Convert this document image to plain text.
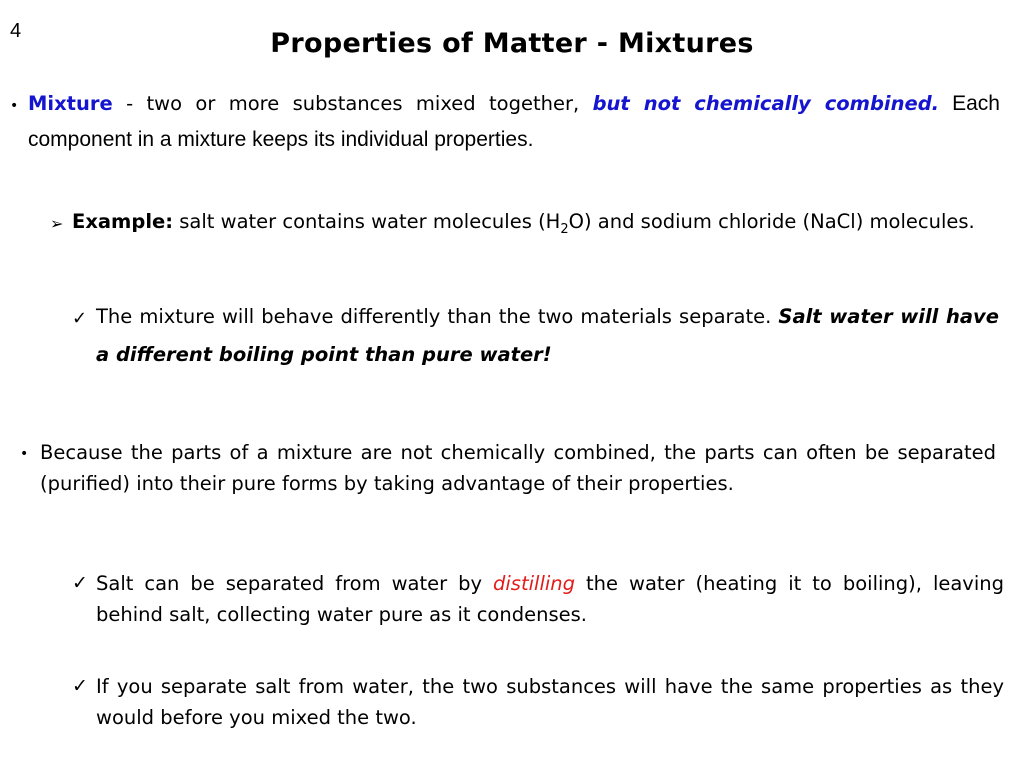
4	Properties of Matter - Mixtures
• Mixture - two or more substances mixed together, but not chemically combined. Each component in a mixture keeps its individual properties.
➢ Example: salt water contains water molecules $(H_2O)$ and sodium chloride (NaCl) molecules.
✓ The mixture will behave differently than the two materials separate. Salt water will have a different boiling point than pure water!
• Because the parts of a mixture are not chemically combined, the parts can often be separated (purified) into their pure forms by taking advantage of their properties.
✓ Salt can be separated from water by distilling the water (heating it to boiling), leaving behind salt, collecting water pure as it condenses.
✓ If you separate salt from water, the two substances will have the same properties as they would before you mixed the two.
